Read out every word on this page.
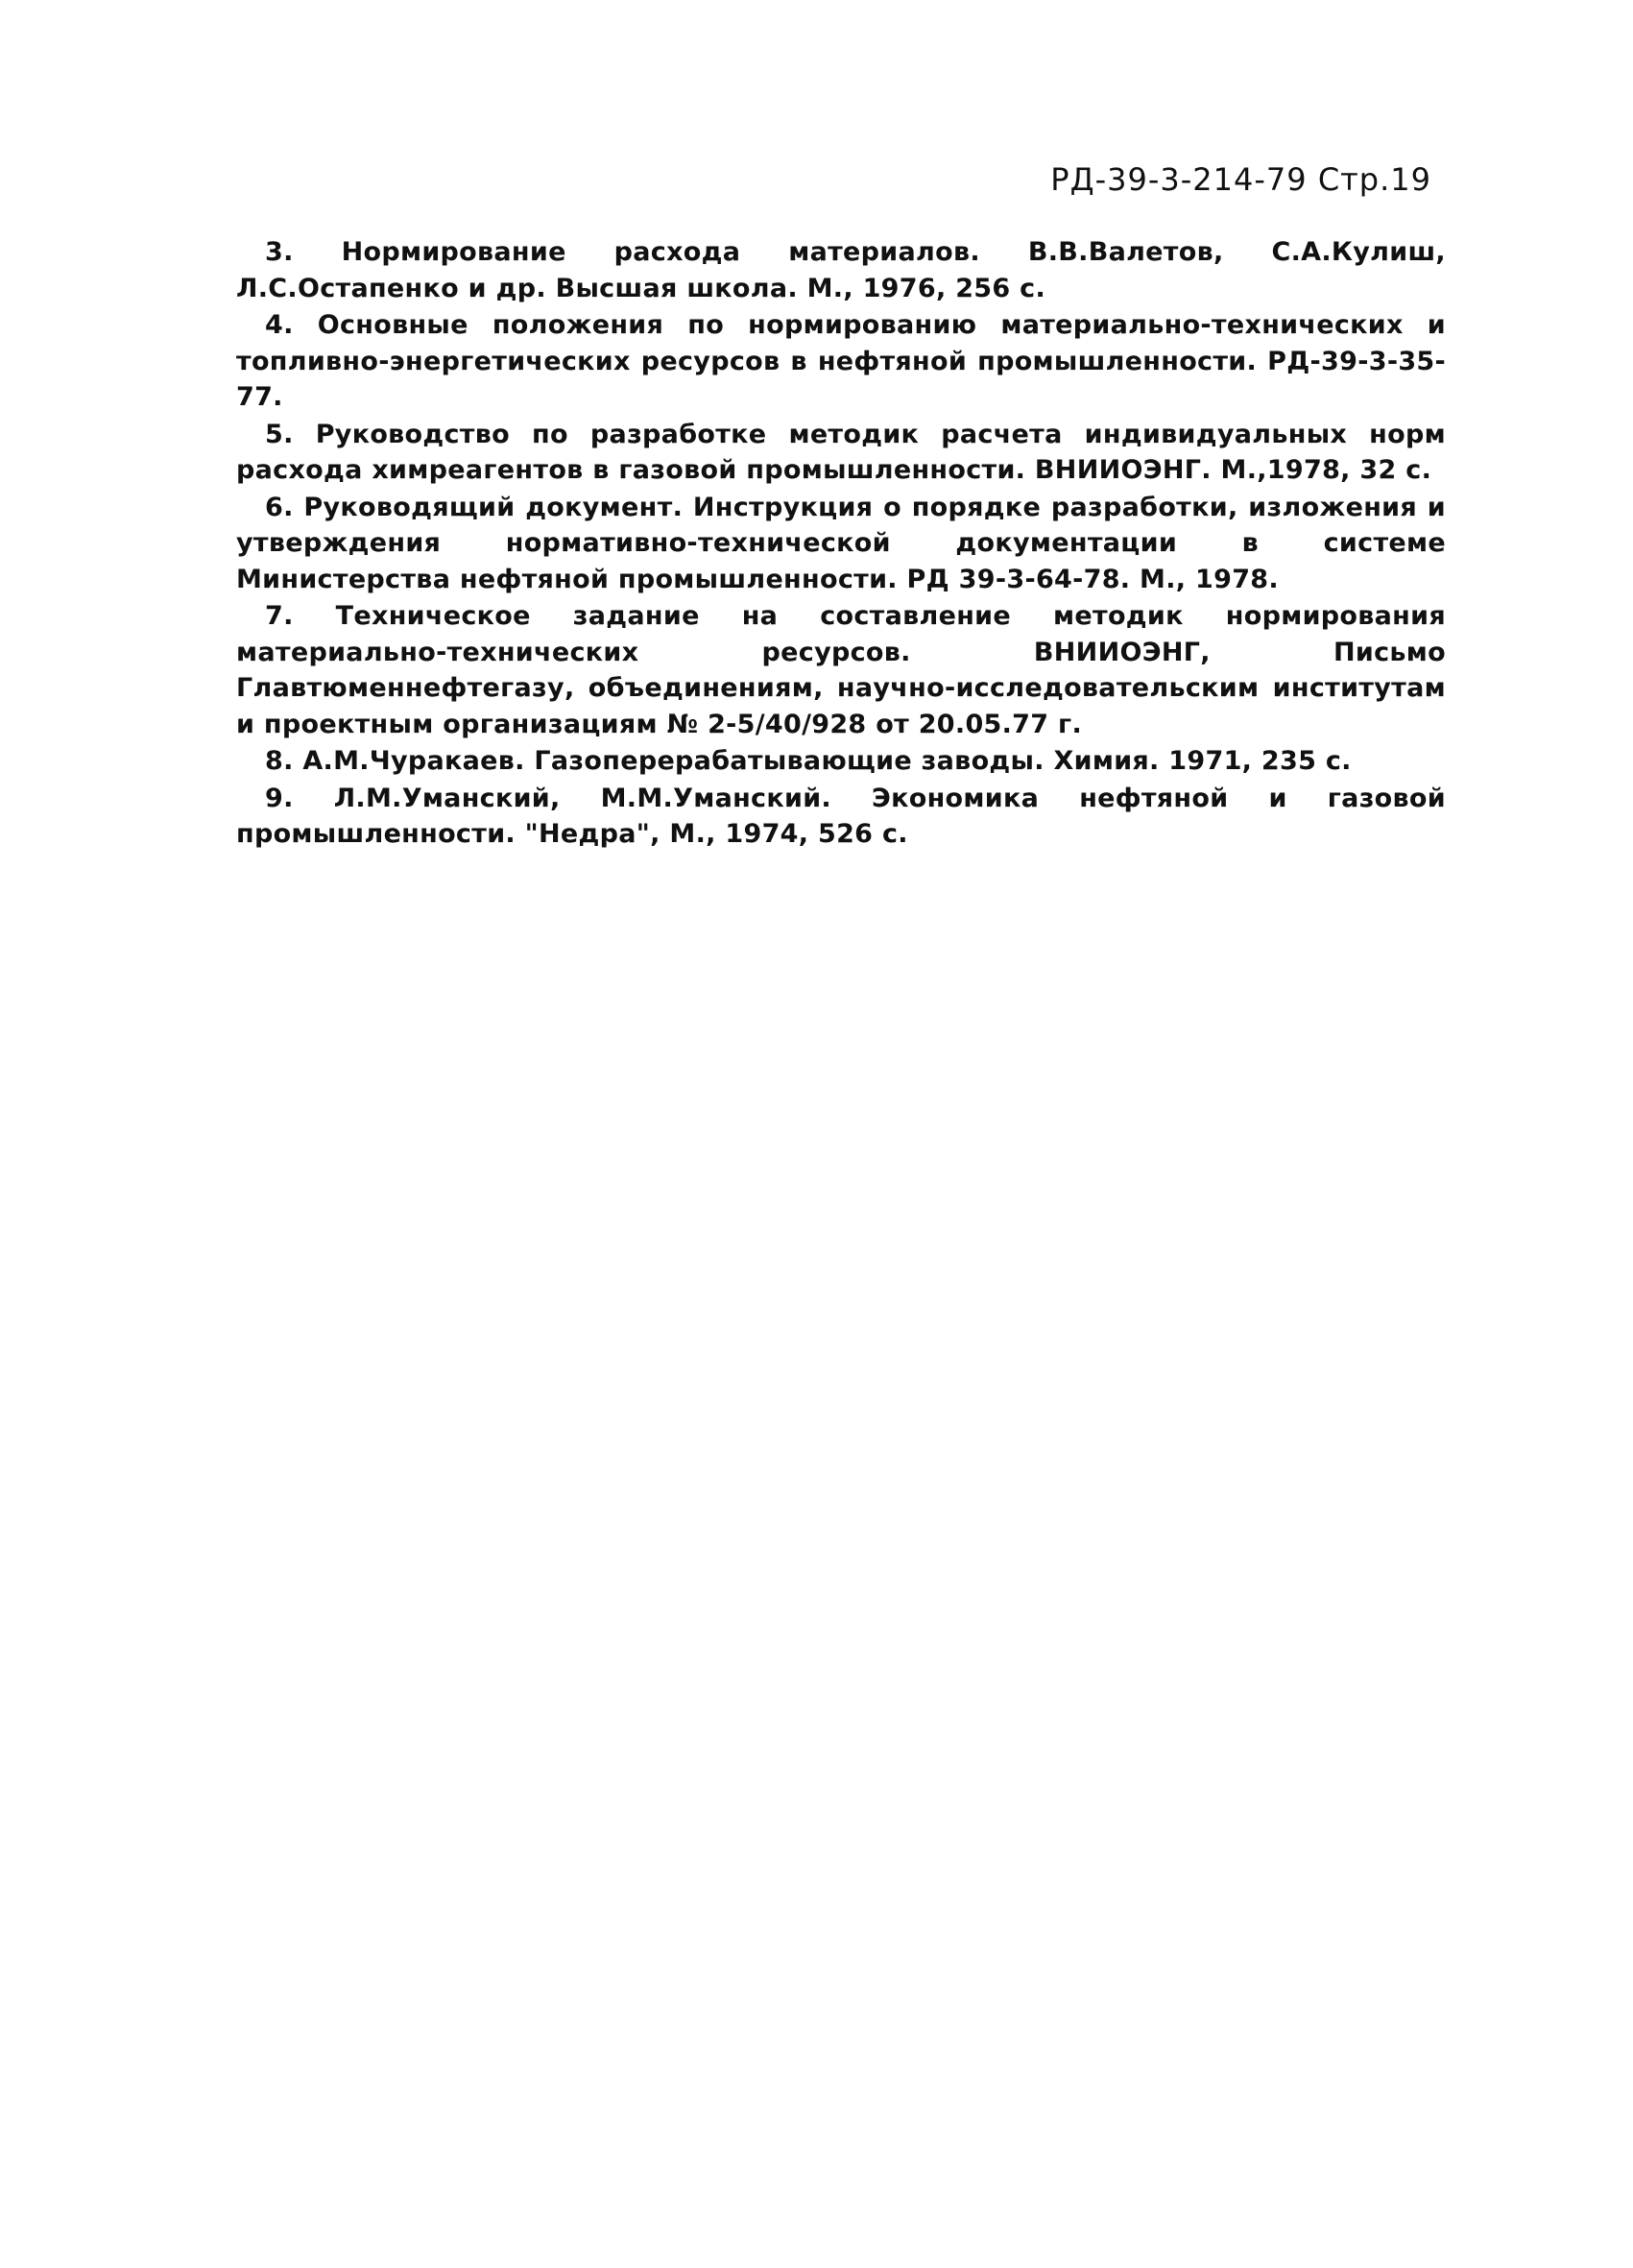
РД-39-3-214-79 Стр.19
3. Нормирование расхода материалов. В.В.Валетов, С.А.Кулиш, Л.С.Остапенко и др. Высшая школа. М., 1976, 256 с.
4. Основные положения по нормированию материально-технических и топливно-энергетических ресурсов в нефтяной промышленности. РД-39-3-35-77.
5. Руководство по разработке методик расчета индивидуальных норм расхода химреагентов в газовой промышленности. ВНИИОЭНГ. М.,1978, 32 с.
6. Руководящий документ. Инструкция о порядке разработки, изложения и утверждения нормативно-технической документации в системе Министерства нефтяной промышленности. РД 39-3-64-78. М., 1978.
7. Техническое задание на составление методик нормирования материально-технических ресурсов. ВНИИОЭНГ, Письмо Главтюменнефтегазу, объединениям, научно-исследовательским институтам и проектным организациям № 2-5/40/928 от 20.05.77 г.
8. А.М.Чуракаев. Газоперерабатывающие заводы. Химия. 1971, 235 с.
9. Л.М.Уманский, М.М.Уманский. Экономика нефтяной и газовой промышленности. "Недра", М., 1974, 526 с.
